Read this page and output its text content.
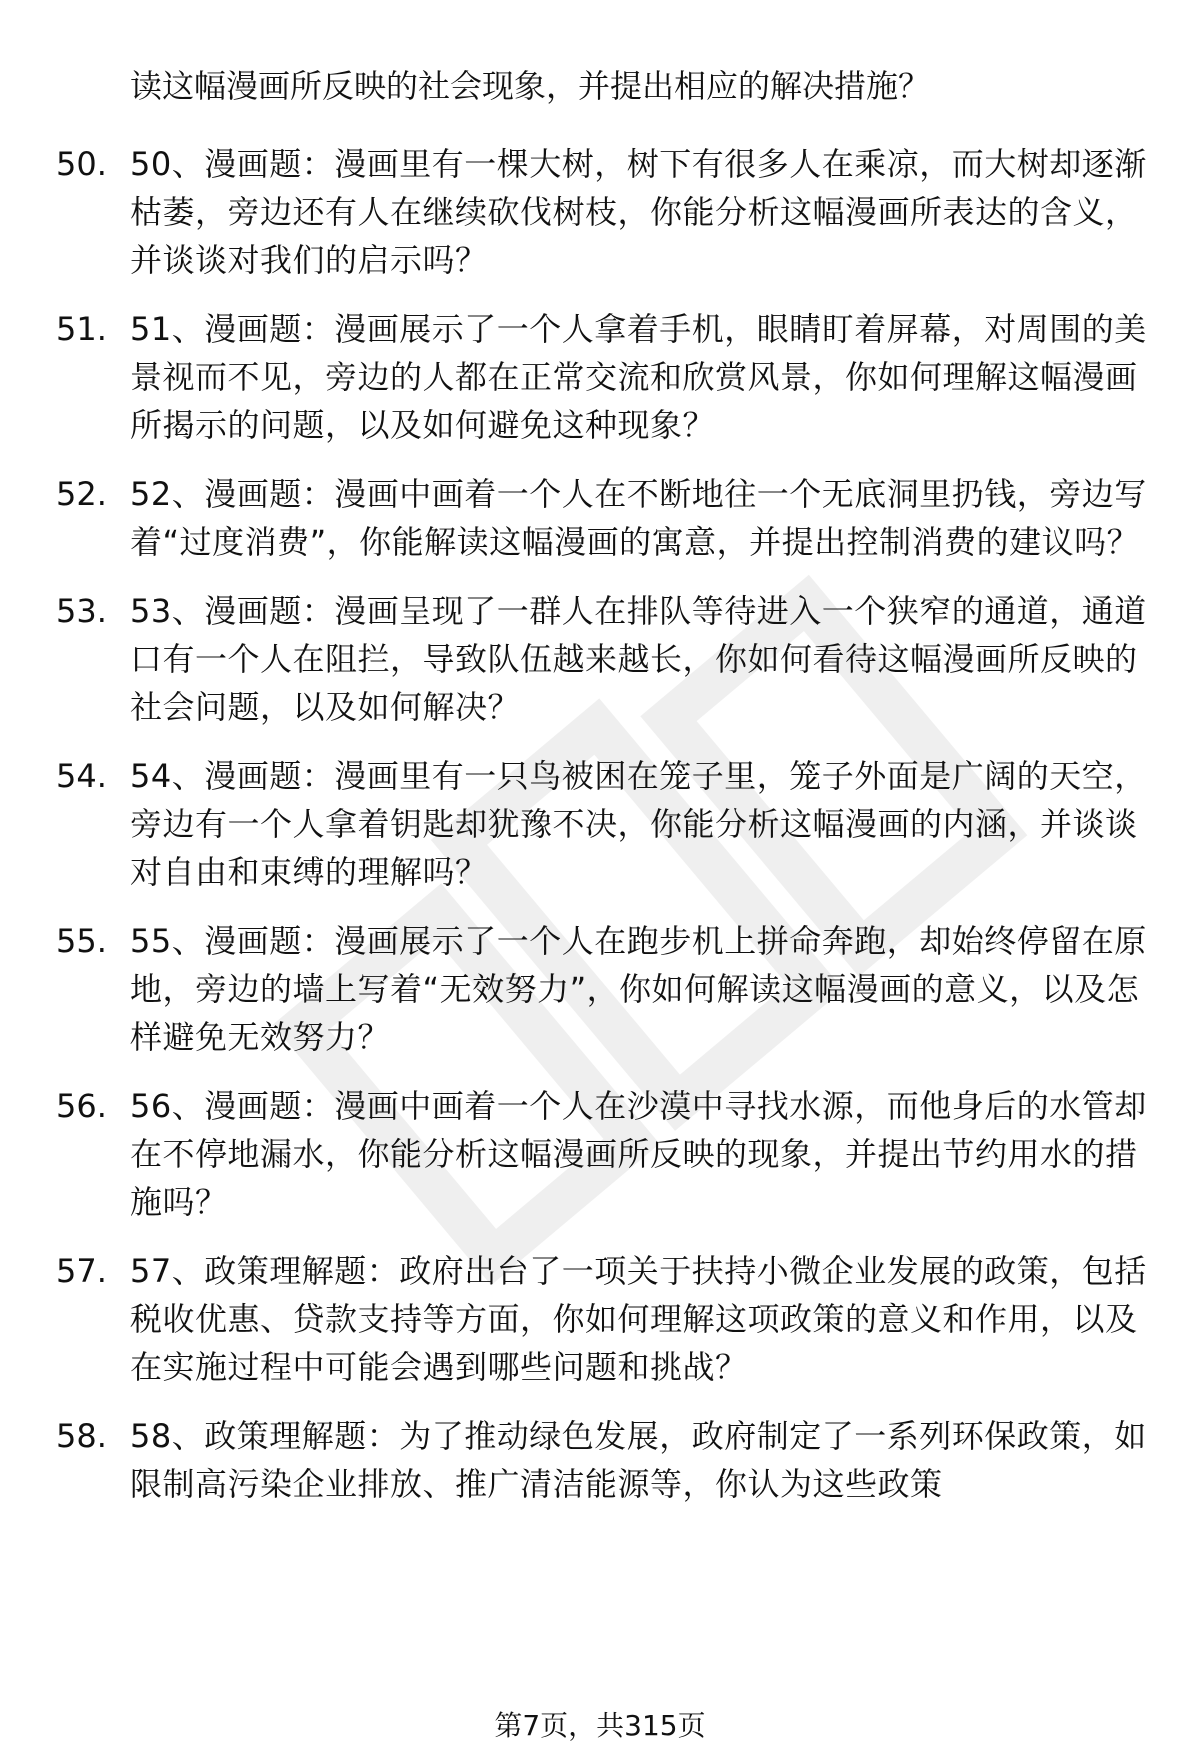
读这幅漫画所反映的社会现象，并提出相应的解决措施？

50. 50、漫画题：漫画里有一棵大树，树下有很多人在乘凉，而大树却逐渐枯萎，旁边还有人在继续砍伐树枝，你能分析这幅漫画所表达的含义，并谈谈对我们的启示吗？
51. 51、漫画题：漫画展示了一个人拿着手机，眼睛盯着屏幕，对周围的美景视而不见，旁边的人都在正常交流和欣赏风景，你如何理解这幅漫画所揭示的问题，以及如何避免这种现象？
52. 52、漫画题：漫画中画着一个人在不断地往一个无底洞里扔钱，旁边写着“过度消费”，你能解读这幅漫画的寓意，并提出控制消费的建议吗？
53. 53、漫画题：漫画呈现了一群人在排队等待进入一个狭窄的通道，通道口有一个人在阻拦，导致队伍越来越长，你如何看待这幅漫画所反映的社会问题，以及如何解决？
54. 54、漫画题：漫画里有一只鸟被困在笼子里，笼子外面是广阔的天空，旁边有一个人拿着钥匙却犹豫不决，你能分析这幅漫画的内涵，并谈谈对自由和束缚的理解吗？
55. 55、漫画题：漫画展示了一个人在跑步机上拼命奔跑，却始终停留在原地，旁边的墙上写着“无效努力”，你如何解读这幅漫画的意义，以及怎样避免无效努力？
56. 56、漫画题：漫画中画着一个人在沙漠中寻找水源，而他身后的水管却在不停地漏水，你能分析这幅漫画所反映的现象，并提出节约用水的措施吗？
57. 57、政策理解题：政府出台了一项关于扶持小微企业发展的政策，包括税收优惠、贷款支持等方面，你如何理解这项政策的意义和作用，以及在实施过程中可能会遇到哪些问题和挑战？
58. 58、政策理解题：为了推动绿色发展，政府制定了一系列环保政策，如限制高污染企业排放、推广清洁能源等，你认为这些政策
第7页，共315页
